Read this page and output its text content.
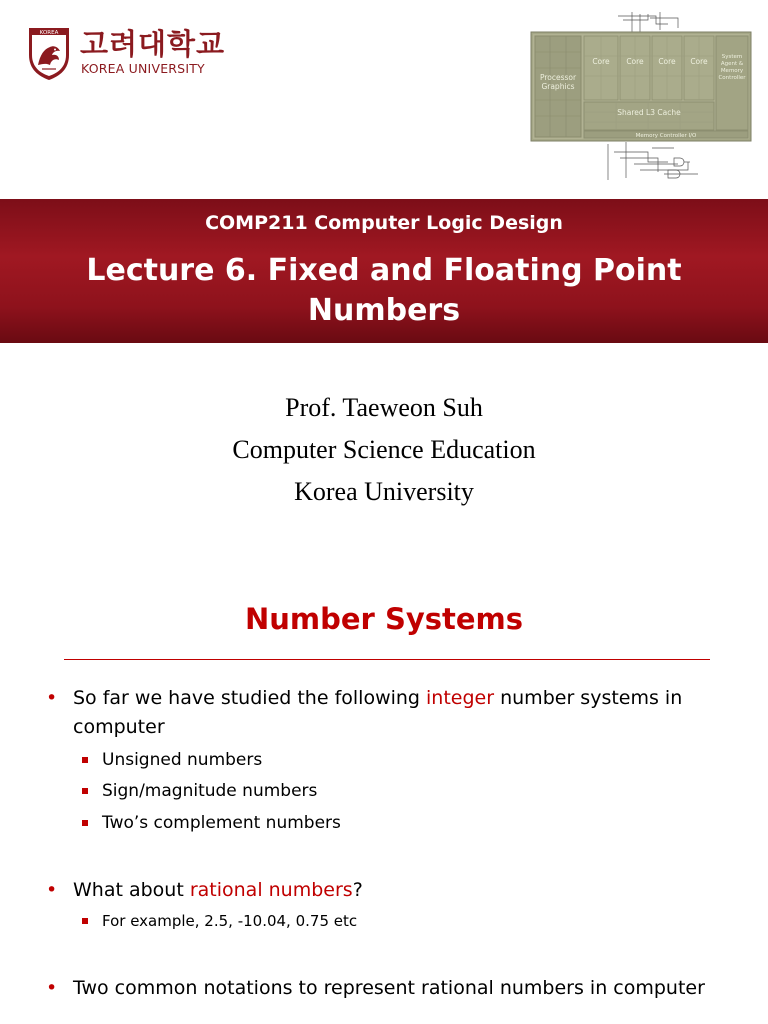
KOREA 고려대학교
KOREA UNIVERSITY
Processor
Graphics
Core Core Core Core
Shared L3 Cache
System
Agent &
Memory
Controller
Memory Controller I/O
COMP211 Computer Logic Design
Lecture 6. Fixed and Floating Point
Numbers
Prof. Taeweon Suh
Computer Science Education
Korea University
Number Systems
• So far we have studied the following integer number systems in computer
Unsigned numbers
Sign/magnitude numbers
Two’s complement numbers
• What about rational numbers?
For example, 2.5, -10.04, 0.75 etc
• Two common notations to represent rational numbers in computer
